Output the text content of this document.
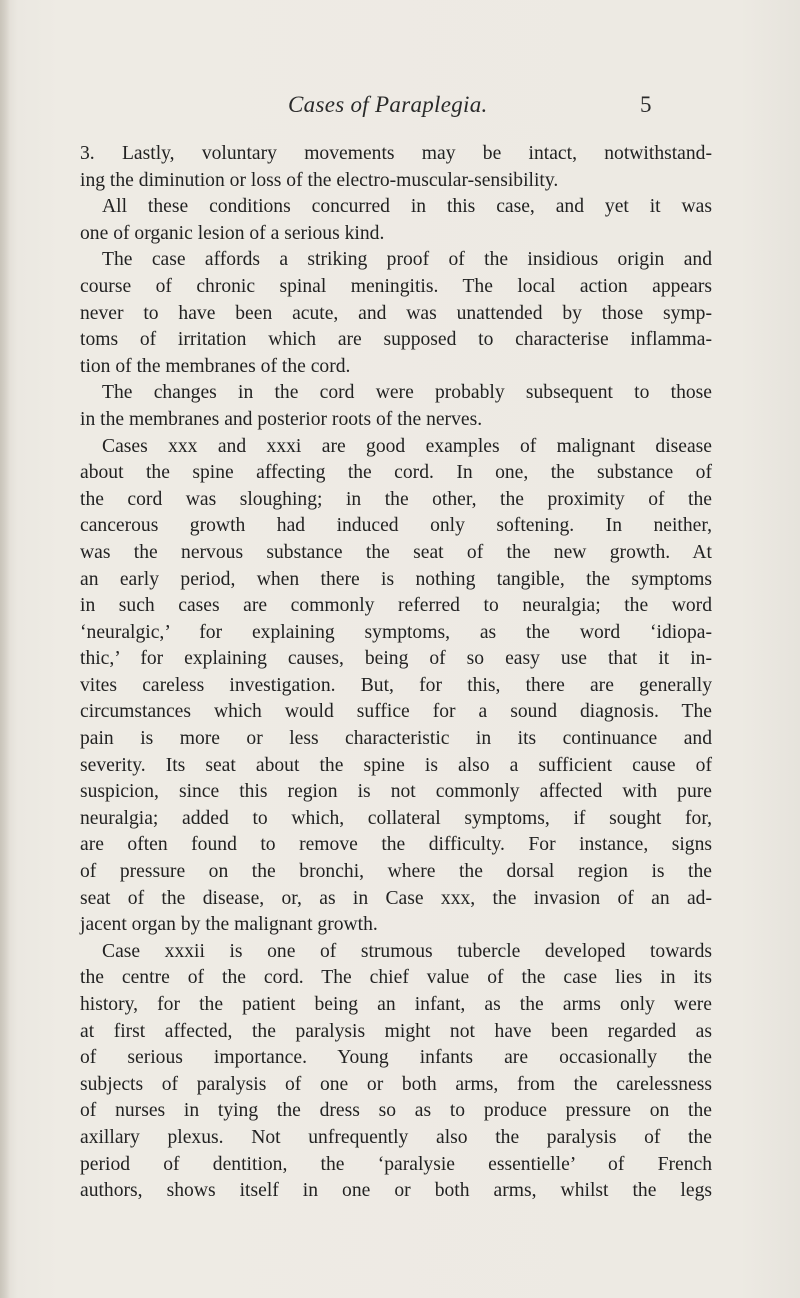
Cases of Paraplegia.	5

3. Lastly, voluntary movements may be intact, notwithstand-
ing the diminution or loss of the electro-muscular-sensibility.

All these conditions concurred in this case, and yet it was
one of organic lesion of a serious kind.

The case affords a striking proof of the insidious origin and
course of chronic spinal meningitis. The local action appears
never to have been acute, and was unattended by those symp-
toms of irritation which are supposed to characterise inflamma-
tion of the membranes of the cord.

The changes in the cord were probably subsequent to those
in the membranes and posterior roots of the nerves.

Cases xxx and xxxi are good examples of malignant disease
about the spine affecting the cord. In one, the substance of
the cord was sloughing; in the other, the proximity of the
cancerous growth had induced only softening. In neither,
was the nervous substance the seat of the new growth. At
an early period, when there is nothing tangible, the symptoms
in such cases are commonly referred to neuralgia; the word
‘neuralgic,’ for explaining symptoms, as the word ‘idiopa-
thic,’ for explaining causes, being of so easy use that it in-
vites careless investigation. But, for this, there are generally
circumstances which would suffice for a sound diagnosis. The
pain is more or less characteristic in its continuance and
severity. Its seat about the spine is also a sufficient cause of
suspicion, since this region is not commonly affected with pure
neuralgia; added to which, collateral symptoms, if sought for,
are often found to remove the difficulty. For instance, signs
of pressure on the bronchi, where the dorsal region is the
seat of the disease, or, as in Case xxx, the invasion of an ad-
jacent organ by the malignant growth.

Case xxxii is one of strumous tubercle developed towards
the centre of the cord. The chief value of the case lies in its
history, for the patient being an infant, as the arms only were
at first affected, the paralysis might not have been regarded as
of serious importance. Young infants are occasionally the
subjects of paralysis of one or both arms, from the carelessness
of nurses in tying the dress so as to produce pressure on the
axillary plexus. Not unfrequently also the paralysis of the
period of dentition, the ‘paralysie essentielle’ of French
authors, shows itself in one or both arms, whilst the legs
